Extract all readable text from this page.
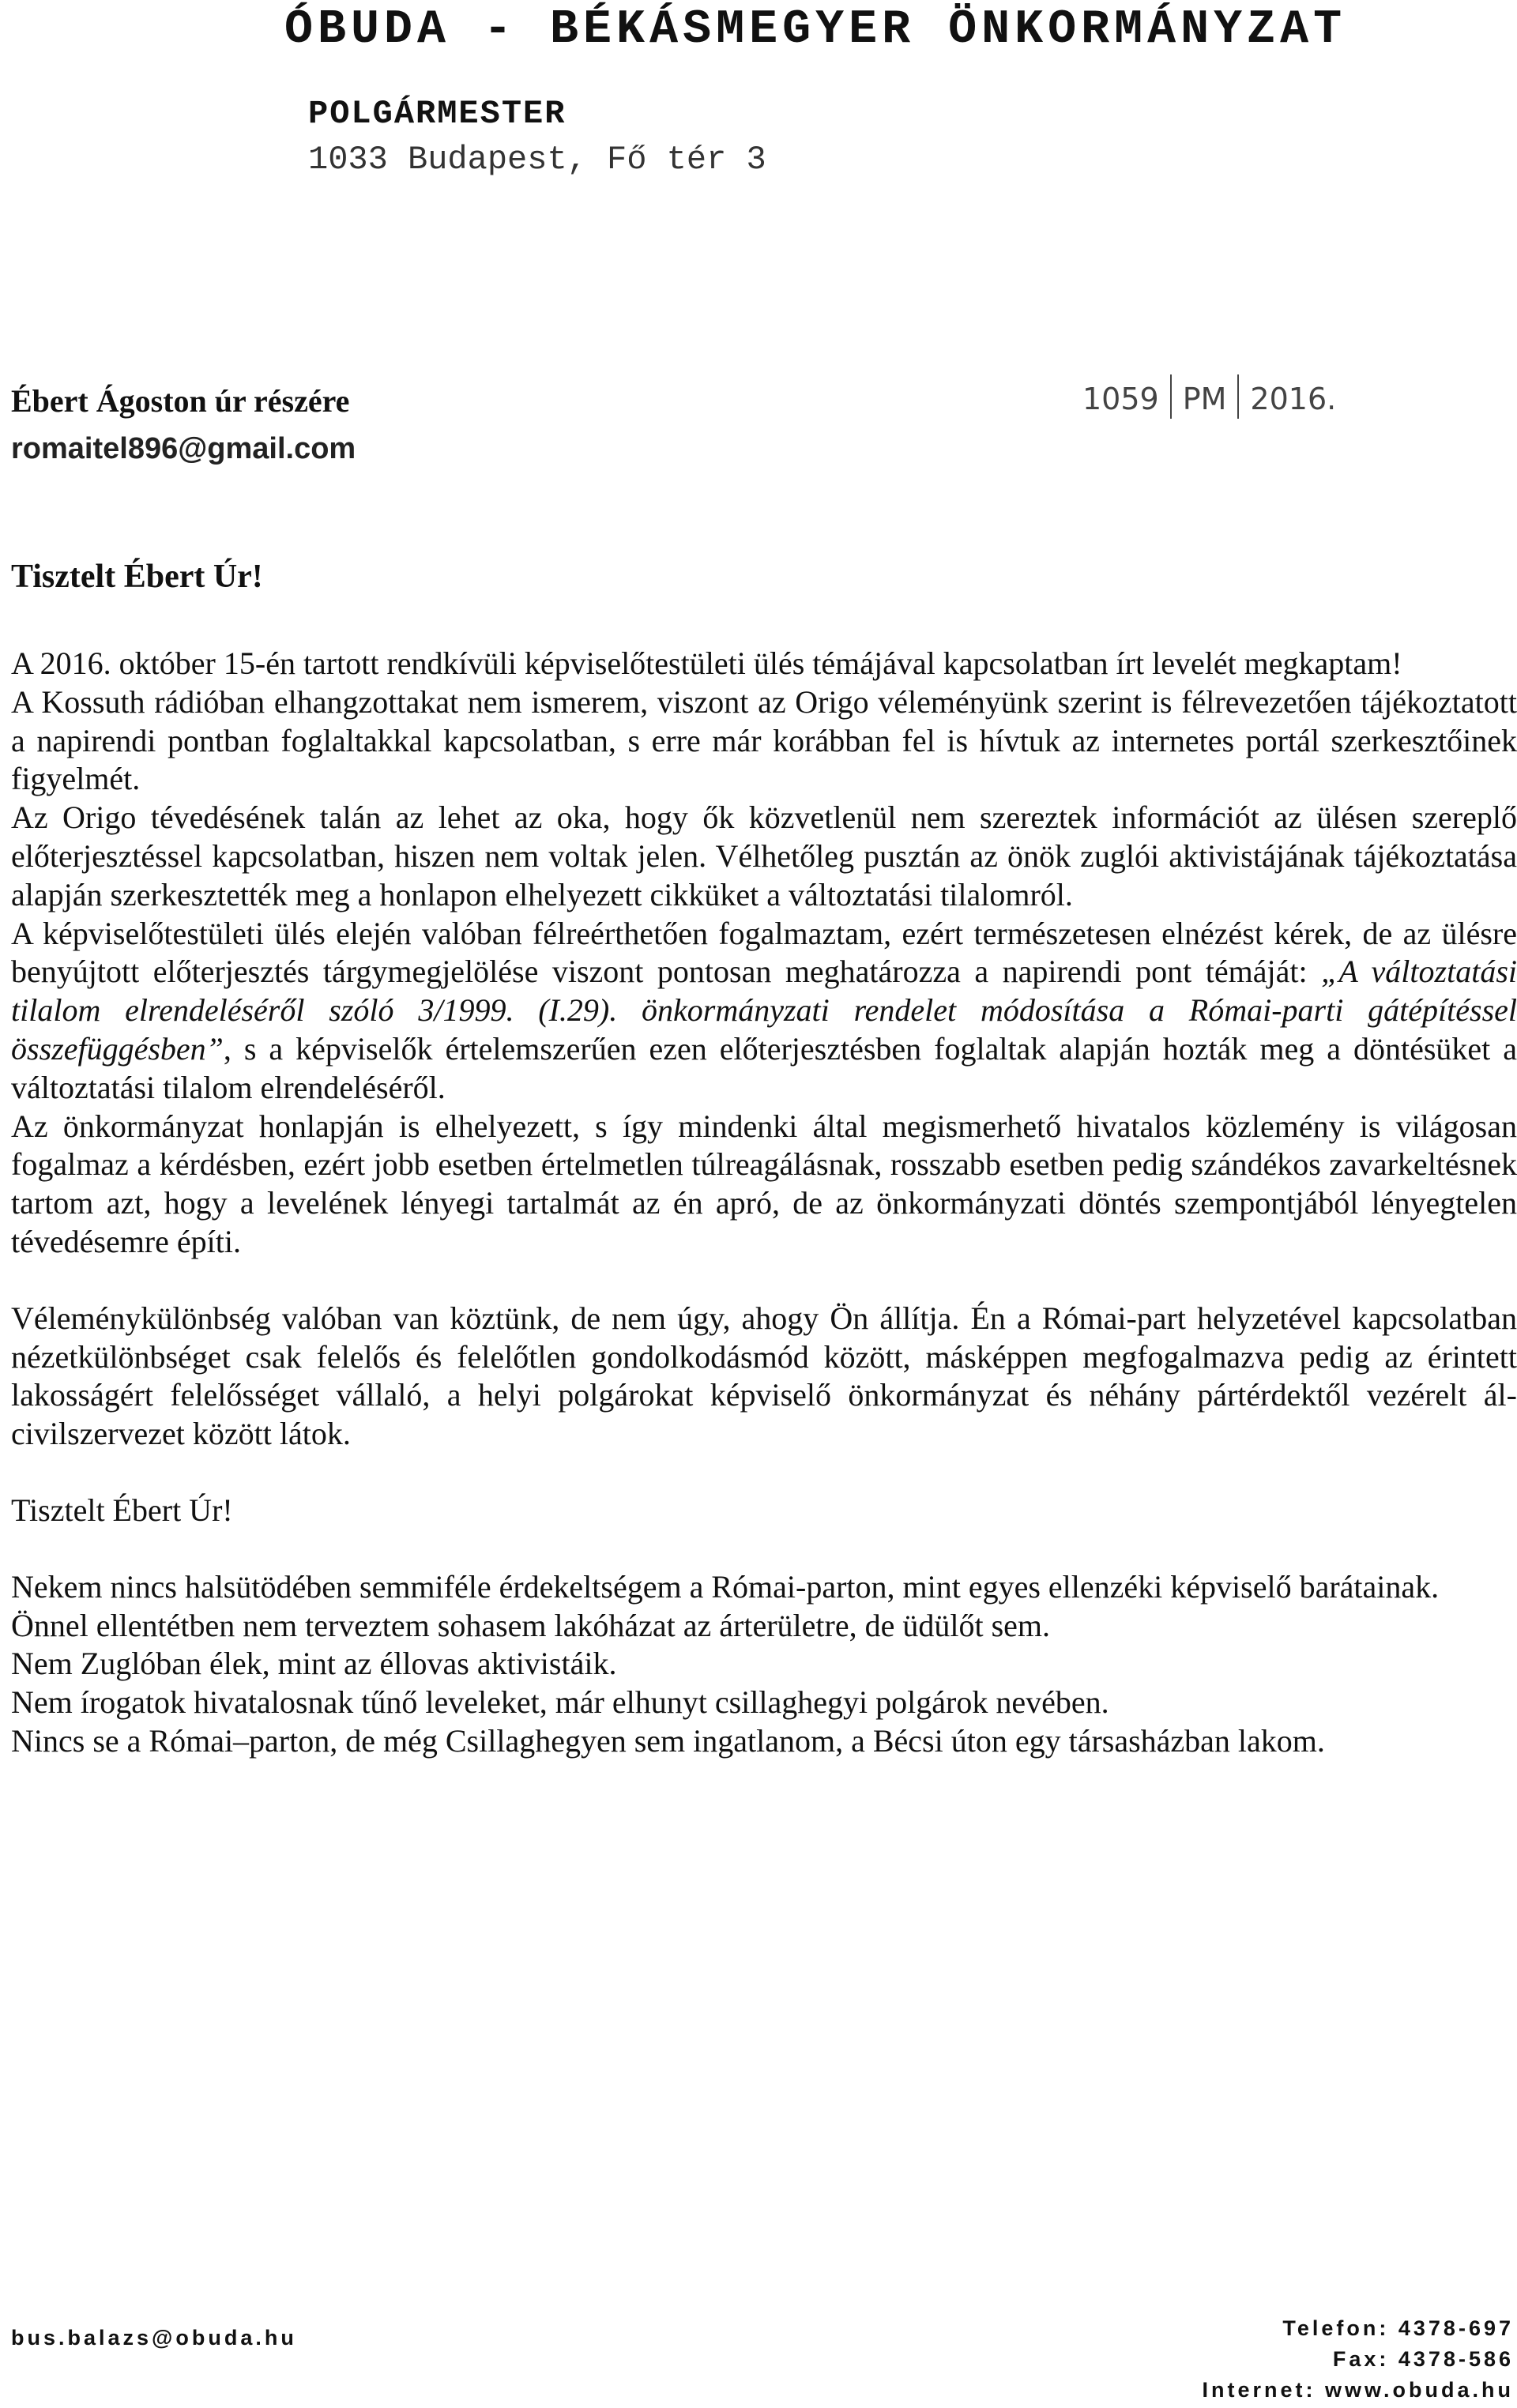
ÓBUDA - BÉKÁSMEGYER ÖNKORMÁNYZAT
POLGÁRMESTER
1033 Budapest, Fő tér 3
Ébert Ágoston úr részére
romaitel896@gmail.com
1059 PM 2016.
Tisztelt Ébert Úr!

A 2016. október 15-én tartott rendkívüli képviselőtestületi ülés témájával kapcsolatban írt levelét megkaptam!

A Kossuth rádióban elhangzottakat nem ismerem, viszont az Origo véleményünk szerint is félrevezetően tájékoztatott a napirendi pontban foglaltakkal kapcsolatban, s erre már korábban fel is hívtuk az internetes portál szerkesztőinek figyelmét.

Az Origo tévedésének talán az lehet az oka, hogy ők közvetlenül nem szereztek információt az ülésen szereplő előterjesztéssel kapcsolatban, hiszen nem voltak jelen. Vélhetőleg pusztán az önök zuglói aktivistájának tájékoztatása alapján szerkesztették meg a honlapon elhelyezett cikküket a változtatási tilalomról.

A képviselőtestületi ülés elején valóban félreérthetően fogalmaztam, ezért természetesen elnézést kérek, de az ülésre benyújtott előterjesztés tárgymegjelölése viszont pontosan meghatározza a napirendi pont témáját: „A változtatási tilalom elrendeléséről szóló 3/1999. (I.29). önkormányzati rendelet módosítása a Római-parti gátépítéssel összefüggésben”, s a képviselők értelemszerűen ezen előterjesztésben foglaltak alapján hozták meg a döntésüket a változtatási tilalom elrendeléséről.

Az önkormányzat honlapján is elhelyezett, s így mindenki által megismerhető hivatalos közlemény is világosan fogalmaz a kérdésben, ezért jobb esetben értelmetlen túlreagálásnak, rosszabb esetben pedig szándékos zavarkeltésnek tartom azt, hogy a levelének lényegi tartalmát az én apró, de az önkormányzati döntés szempontjából lényegtelen tévedésemre építi.

Véleménykülönbség valóban van köztünk, de nem úgy, ahogy Ön állítja. Én a Római-part helyzetével kapcsolatban nézetkülönbséget csak felelős és felelőtlen gondolkodásmód között, másképpen megfogalmazva pedig az érintett lakosságért felelősséget vállaló, a helyi polgárokat képviselő önkormányzat és néhány pártérdektől vezérelt ál-civilszervezet között látok.

Tisztelt Ébert Úr!

Nekem nincs halsütödében semmiféle érdekeltségem a Római-parton, mint egyes ellenzéki képviselő barátainak.

Önnel ellentétben nem terveztem sohasem lakóházat az árterületre, de üdülőt sem.

Nem Zuglóban élek, mint az éllovas aktivistáik.

Nem írogatok hivatalosnak tűnő leveleket, már elhunyt csillaghegyi polgárok nevében.

Nincs se a Római–parton, de még Csillaghegyen sem ingatlanom, a Bécsi úton egy társasházban lakom.

bus.balazs@obuda.hu	Telefon: 4378-697
Fax: 4378-586
Internet: www.obuda.hu
